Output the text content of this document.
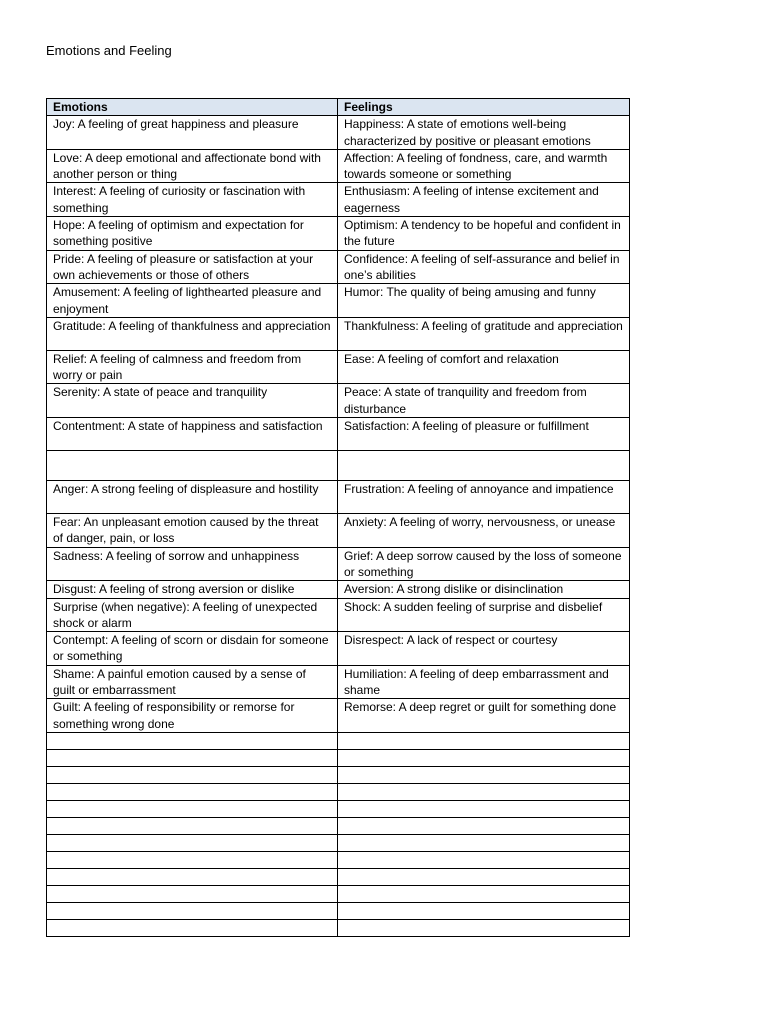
Emotions and Feeling
Emotions	Feelings
Joy: A feeling of great happiness and pleasure	Happiness: A state of emotions well-being characterized by positive or pleasant emotions
Love: A deep emotional and affectionate bond with another person or thing	Affection: A feeling of fondness, care, and warmth towards someone or something
Interest: A feeling of curiosity or fascination with something	Enthusiasm: A feeling of intense excitement and eagerness
Hope: A feeling of optimism and expectation for something positive	Optimism: A tendency to be hopeful and confident in the future
Pride: A feeling of pleasure or satisfaction at your own achievements or those of others	Confidence: A feeling of self-assurance and belief in one’s abilities
Amusement: A feeling of lighthearted pleasure and enjoyment	Humor: The quality of being amusing and funny
Gratitude: A feeling of thankfulness and appreciation	Thankfulness: A feeling of gratitude and appreciation
Relief: A feeling of calmness and freedom from worry or pain	Ease: A feeling of comfort and relaxation
Serenity: A state of peace and tranquility	Peace: A state of tranquility and freedom from disturbance
Contentment: A state of happiness and satisfaction	Satisfaction: A feeling of pleasure or fulfillment

Anger: A strong feeling of displeasure and hostility	Frustration: A feeling of annoyance and impatience
Fear: An unpleasant emotion caused by the threat of danger, pain, or loss	Anxiety: A feeling of worry, nervousness, or unease
Sadness: A feeling of sorrow and unhappiness	Grief: A deep sorrow caused by the loss of someone or something
Disgust: A feeling of strong aversion or dislike	Aversion: A strong dislike or disinclination
Surprise (when negative): A feeling of unexpected shock or alarm	Shock: A sudden feeling of surprise and disbelief
Contempt: A feeling of scorn or disdain for someone or something	Disrespect: A lack of respect or courtesy
Shame: A painful emotion caused by a sense of guilt or embarrassment	Humiliation: A feeling of deep embarrassment and shame
Guilt: A feeling of responsibility or remorse for something wrong done	Remorse: A deep regret or guilt for something done
